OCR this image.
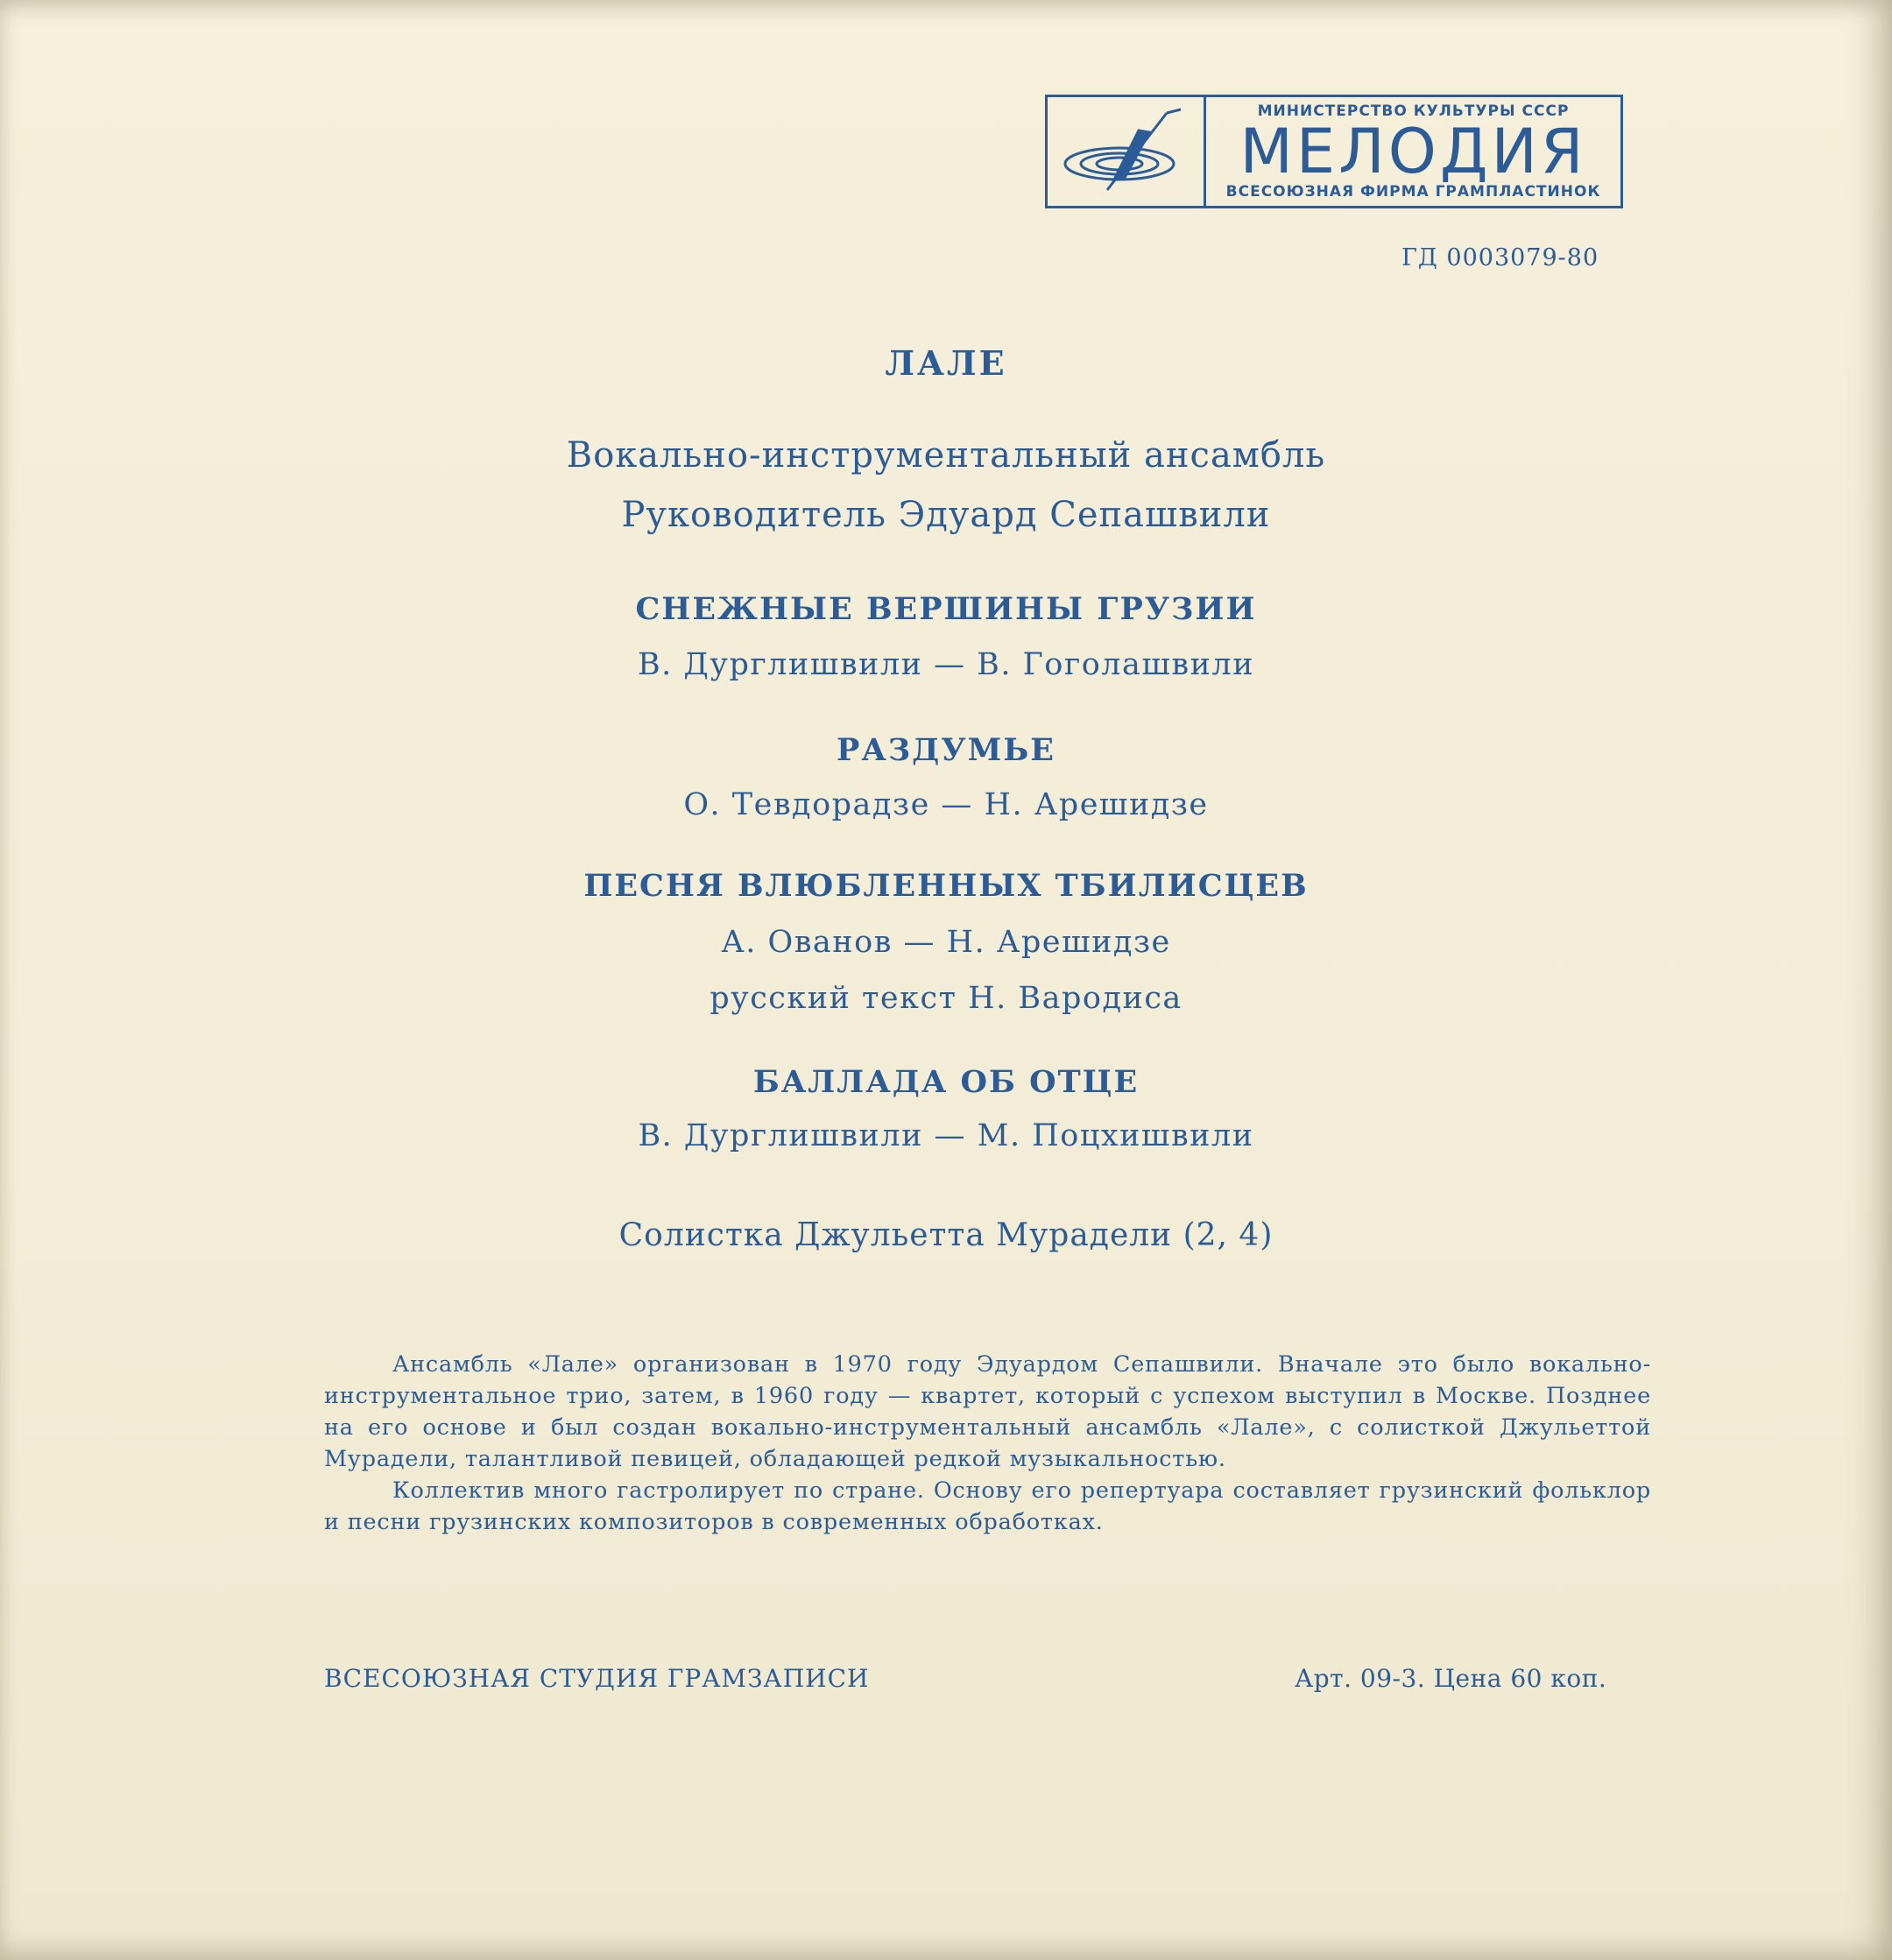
МИНИСТЕРСТВО КУЛЬТУРЫ СССР
МЕЛОДИЯ
ВСЕСОЮЗНАЯ ФИРМА ГРАМПЛАСТИНОК
ГД 0003079-80
ЛАЛЕ
Вокально-инструментальный ансамбль
Руководитель Эдуард Сепашвили
СНЕЖНЫЕ ВЕРШИНЫ ГРУЗИИ
В. Дурглишвили — В. Гоголашвили
РАЗДУМЬЕ
О. Тевдорадзе — Н. Арешидзе
ПЕСНЯ ВЛЮБЛЕННЫХ ТБИЛИСЦЕВ
А. Ованов — Н. Арешидзе
русский текст Н. Вародиса
БАЛЛАДА ОБ ОТЦЕ
В. Дурглишвили — М. Поцхишвили
Солистка Джульетта Мурадели (2, 4)

Ансамбль «Лале» организован в 1970 году Эдуардом Сепашвили. Вначале это было вокально-инструментальное трио, затем, в 1960 году — квартет, который с успехом выступил в Москве. Позднее на его основе и был создан вокально-инструментальный ансамбль «Лале», с солисткой Джульеттой Мурадели, талантливой певицей, обладающей редкой музыкальностью.

Коллектив много гастролирует по стране. Основу его репертуара составляет грузинский фольклор и песни грузинских композиторов в современных обработках.

ВСЕСОЮЗНАЯ СТУДИЯ ГРАМЗАПИСИ	Арт. 09-3. Цена 60 коп.
